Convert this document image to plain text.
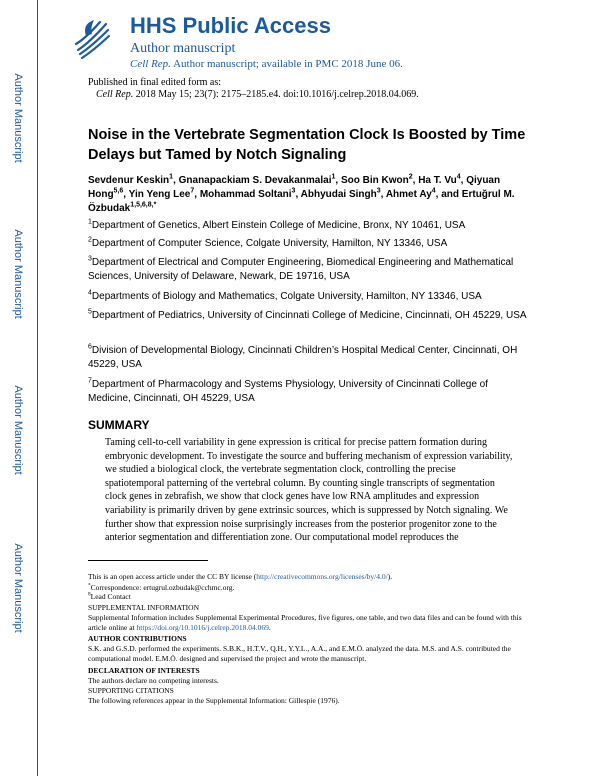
Author Manuscript
Author Manuscript
Author Manuscript
Author Manuscript
HHS Public Access
Author manuscript
Cell Rep. Author manuscript; available in PMC 2018 June 06.
Published in final edited form as:
Cell Rep. 2018 May 15; 23(7): 2175–2185.e4. doi:10.1016/j.celrep.2018.04.069.
Noise in the Vertebrate Segmentation Clock Is Boosted by Time Delays but Tamed by Notch Signaling
Sevdenur Keskin$^1$, Gnanapackiam S. Devakanmalai$^1$, Soo Bin Kwon$^2$, Ha T. Vu$^4$, Qiyuan Hong$^{5,6}$, Yin Yeng Lee$^7$, Mohammad Soltani$^3$, Abhyudai Singh$^3$, Ahmet Ay$^4$, and Ertuğrul M. Özbudak$^{1,5,6,8,*}$
$^1$Department of Genetics, Albert Einstein College of Medicine, Bronx, NY 10461, USA
$^2$Department of Computer Science, Colgate University, Hamilton, NY 13346, USA
$^3$Department of Electrical and Computer Engineering, Biomedical Engineering and Mathematical Sciences, University of Delaware, Newark, DE 19716, USA
$^4$Departments of Biology and Mathematics, Colgate University, Hamilton, NY 13346, USA
$^5$Department of Pediatrics, University of Cincinnati College of Medicine, Cincinnati, OH 45229, USA
$^6$Division of Developmental Biology, Cincinnati Children’s Hospital Medical Center, Cincinnati, OH 45229, USA
$^7$Department of Pharmacology and Systems Physiology, University of Cincinnati College of Medicine, Cincinnati, OH 45229, USA
SUMMARY
Taming cell-to-cell variability in gene expression is critical for precise pattern formation during embryonic development. To investigate the source and buffering mechanism of expression variability, we studied a biological clock, the vertebrate segmentation clock, controlling the precise spatiotemporal patterning of the vertebral column. By counting single transcripts of segmentation clock genes in zebrafish, we show that clock genes have low RNA amplitudes and expression variability is primarily driven by gene extrinsic sources, which is suppressed by Notch signaling. We further show that expression noise surprisingly increases from the posterior progenitor zone to the anterior segmentation and differentiation zone. Our computational model reproduces the
This is an open access article under the CC BY license (http://creativecommons.org/licenses/by/4.0/).
*Correspondence: ertugrul.ozbudak@cchmc.org.
$^8$Lead Contact
SUPPLEMENTAL INFORMATION
Supplemental Information includes Supplemental Experimental Procedures, five figures, one table, and two data files and can be found with this article online at https://doi.org/10.1016/j.celrep.2018.04.069.
AUTHOR CONTRIBUTIONS
S.K. and G.S.D. performed the experiments. S.B.K., H.T.V., Q.H., Y.Y.L., A.A., and E.M.Ö. analyzed the data. M.S. and A.S. contributed the computational model. E.M.Ö. designed and supervised the project and wrote the manuscript.
DECLARATION OF INTERESTS
The authors declare no competing interests.
SUPPORTING CITATIONS
The following references appear in the Supplemental Information: Gillespie (1976).
